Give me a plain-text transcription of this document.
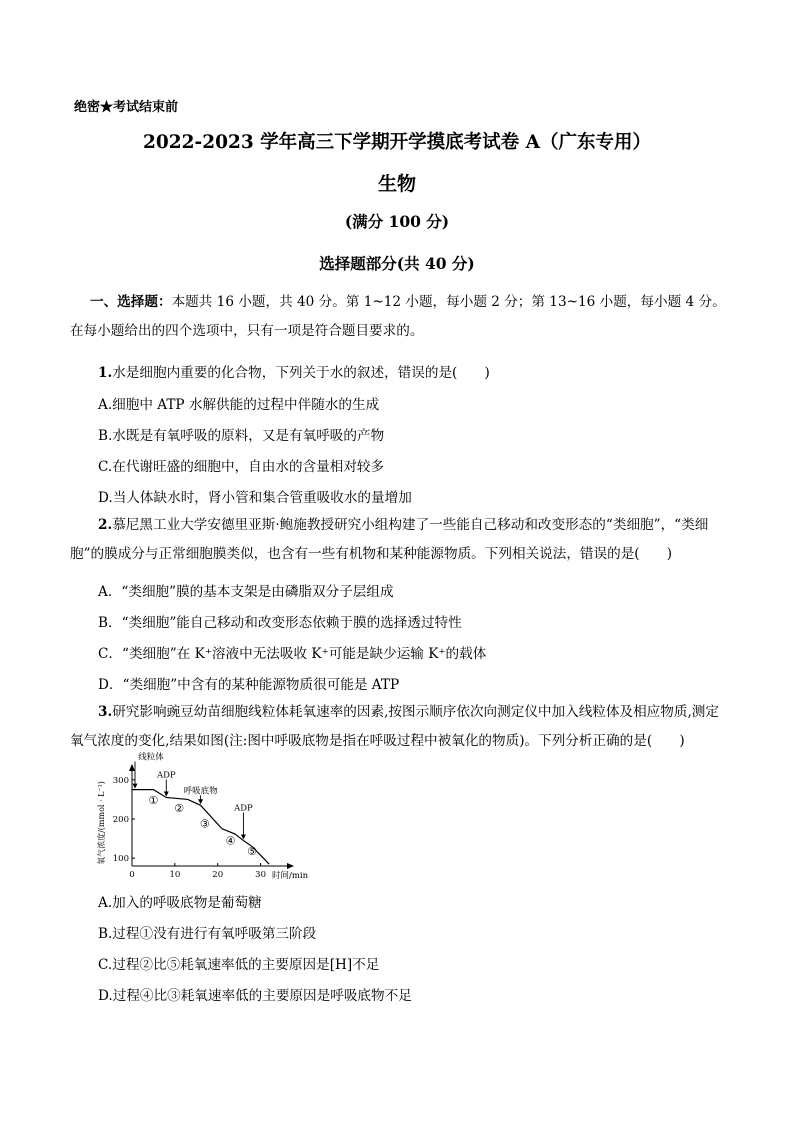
绝密★考试结束前
2022-2023 学年高三下学期开学摸底考试卷 A（广东专用）
生物
(满分 100 分)
选择题部分(共 40 分)
一、选择题：本题共 16 小题，共 40 分。第 1~12 小题，每小题 2 分；第 13~16 小题，每小题 4 分。在每小题给出的四个选项中，只有一项是符合题目要求的。
1.水是细胞内重要的化合物，下列关于水的叙述，错误的是(　　)
A.细胞中 ATP 水解供能的过程中伴随水的生成
B.水既是有氧呼吸的原料，又是有氧呼吸的产物
C.在代谢旺盛的细胞中，自由水的含量相对较多
D.当人体缺水时，肾小管和集合管重吸收水的量增加
2.慕尼黑工业大学安德里亚斯·鲍施教授研究小组构建了一些能自己移动和改变形态的“类细胞”，“类细胞”的膜成分与正常细胞膜类似，也含有一些有机物和某种能源物质。下列相关说法，错误的是(　　)
A．“类细胞”膜的基本支架是由磷脂双分子层组成
B．“类细胞”能自己移动和改变形态依赖于膜的选择透过特性
C．“类细胞”在 K⁺溶液中无法吸收 K⁺可能是缺少运输 K⁺的载体
D．“类细胞”中含有的某种能源物质很可能是 ATP
3.研究影响豌豆幼苗细胞线粒体耗氧速率的因素,按图示顺序依次向测定仪中加入线粒体及相应物质,测定氧气浓度的变化,结果如图(注:图中呼吸底物是指在呼吸过程中被氧化的物质)。下列分析正确的是(　　)
0	10	20	30
100
200
300
时间/min
氧气浓度/(mmol · L⁻¹)
线粒体
ADP
呼吸底物
ADP
①
②
③
④
⑤
A.加入的呼吸底物是葡萄糖
B.过程①没有进行有氧呼吸第三阶段
C.过程②比⑤耗氧速率低的主要原因是[H]不足
D.过程④比③耗氧速率低的主要原因是呼吸底物不足
